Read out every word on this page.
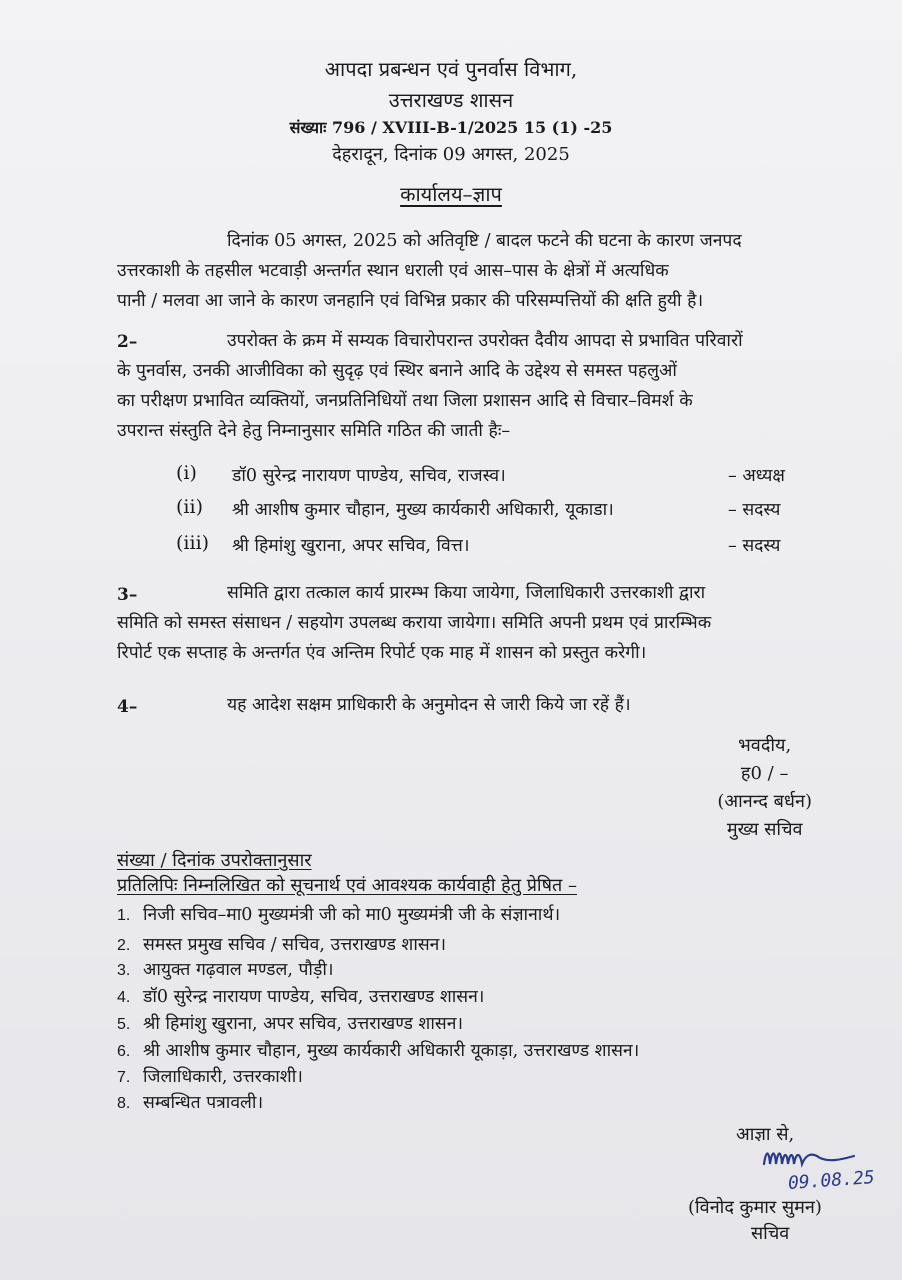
आपदा प्रबन्धन एवं पुनर्वास विभाग,
उत्तराखण्ड शासन
संख्याः 796 / XVIII-B-1/2025 15 (1) -25
देहरादून, दिनांक 09 अगस्त, 2025
कार्यालय–ज्ञाप
दिनांक 05 अगस्त, 2025 को अतिवृष्टि / बादल फटने की घटना के कारण जनपद
उत्तरकाशी के तहसील भटवाड़ी अन्तर्गत स्थान धराली एवं आस–पास के क्षेत्रों में अत्यधिक
पानी / मलवा आ जाने के कारण जनहानि एवं विभिन्न प्रकार की परिसम्पत्तियों की क्षति हुयी है।
2–	उपरोक्त के क्रम में सम्यक विचारोपरान्त उपरोक्त दैवीय आपदा से प्रभावित परिवारों
के पुनर्वास, उनकी आजीविका को सुदृढ़ एवं स्थिर बनाने आदि के उद्देश्य से समस्त पहलुओं
का परीक्षण प्रभावित व्यक्तियों, जनप्रतिनिधियों तथा जिला प्रशासन आदि से विचार–विमर्श के
उपरान्त संस्तुति देने हेतु निम्नानुसार समिति गठित की जाती हैः–
(i) डॉ0 सुरेन्द्र नारायण पाण्डेय, सचिव, राजस्व।	– अध्यक्ष
(ii) श्री आशीष कुमार चौहान, मुख्य कार्यकारी अधिकारी, यूकाडा।	– सदस्य
(iii) श्री हिमांशु खुराना, अपर सचिव, वित्त।	– सदस्य
3–	समिति द्वारा तत्काल कार्य प्रारम्भ किया जायेगा, जिलाधिकारी उत्तरकाशी द्वारा
समिति को समस्त संसाधन / सहयोग उपलब्ध कराया जायेगा। समिति अपनी प्रथम एवं प्रारम्भिक
रिपोर्ट एक सप्ताह के अन्तर्गत एंव अन्तिम रिपोर्ट एक माह में शासन को प्रस्तुत करेगी।
4–	यह आदेश सक्षम प्राधिकारी के अनुमोदन से जारी किये जा रहें हैं।
भवदीय,
ह0 / –
(आनन्द बर्धन)
मुख्य सचिव
संख्या / दिनांक उपरोक्तानुसार
प्रतिलिपिः निम्नलिखित को सूचनार्थ एवं आवश्यक कार्यवाही हेतु प्रेषित –
1. निजी सचिव–मा0 मुख्यमंत्री जी को मा0 मुख्यमंत्री जी के संज्ञानार्थ।
2. समस्त प्रमुख सचिव / सचिव, उत्तराखण्ड शासन।
3. आयुक्त गढ़वाल मण्डल, पौड़ी।
4. डॉ0 सुरेन्द्र नारायण पाण्डेय, सचिव, उत्तराखण्ड शासन।
5. श्री हिमांशु खुराना, अपर सचिव, उत्तराखण्ड शासन।
6. श्री आशीष कुमार चौहान, मुख्य कार्यकारी अधिकारी यूकाड़ा, उत्तराखण्ड शासन।
7. जिलाधिकारी, उत्तरकाशी।
8. सम्बन्धित पत्रावली।
आज्ञा से,
09.08.25
(विनोद कुमार सुमन)
सचिव
